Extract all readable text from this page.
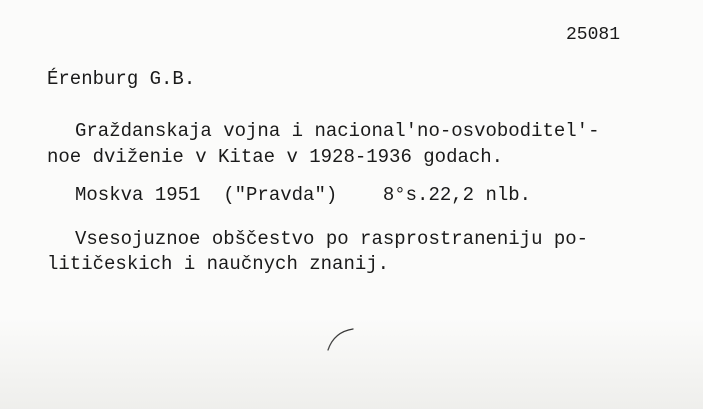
25081
Érenburg G.B.
Graždanskaja vojna i nacional'no-osvoboditel'-
noe dviženie v Kitae v 1928-1936 godach.
Moskva 1951  ("Pravda")    8°s.22,2 nlb.
Vsesojuznoe obščestvo po rasprostraneniju po-
litičeskich i naučnych znanij.
